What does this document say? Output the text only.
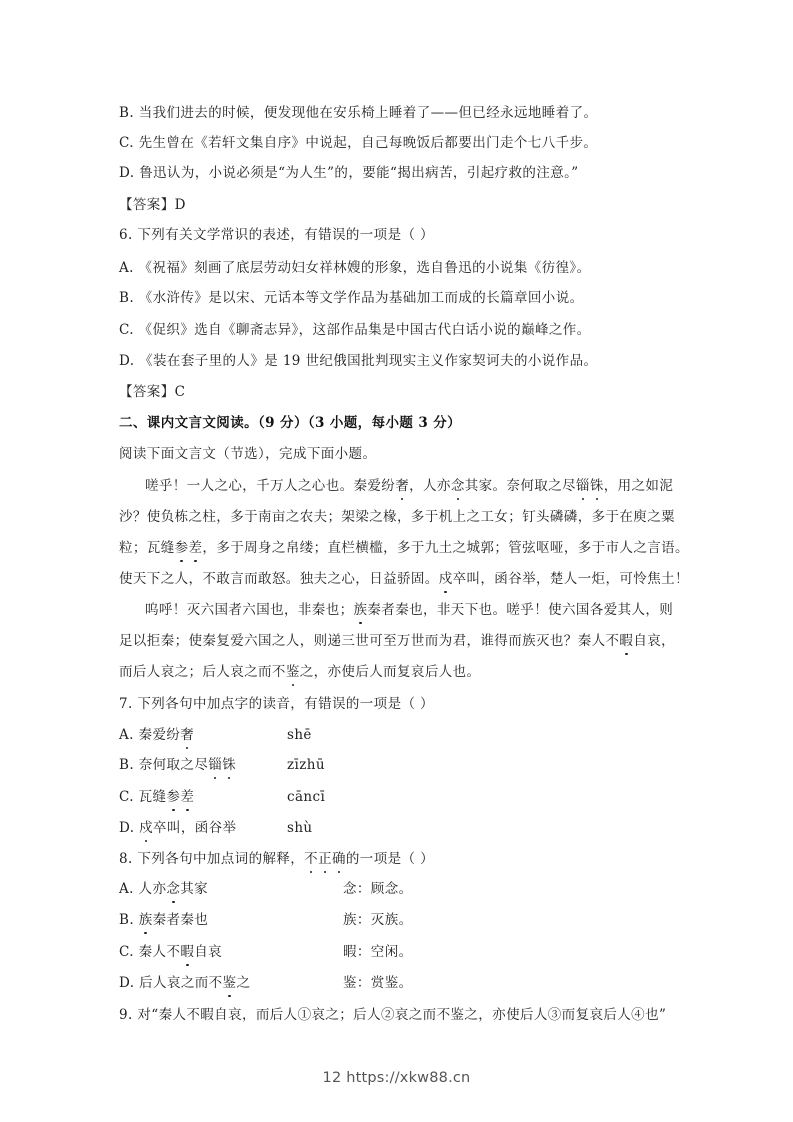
B. 当我们进去的时候，便发现他在安乐椅上睡着了——但已经永远地睡着了。
C. 先生曾在《若轩文集自序》中说起，自己每晚饭后都要出门走个七八千步。
D. 鲁迅认为，小说必须是“为人生”的，要能“揭出病苦，引起疗救的注意。”
【答案】D
6. 下列有关文学常识的表述，有错误的一项是（ ）
A. 《祝福》刻画了底层劳动妇女祥林嫂的形象，选自鲁迅的小说集《彷徨》。
B. 《水浒传》是以宋、元话本等文学作品为基础加工而成的长篇章回小说。
C. 《促织》选自《聊斋志异》，这部作品集是中国古代白话小说的巅峰之作。
D. 《装在套子里的人》是 19 世纪俄国批判现实主义作家契诃夫的小说作品。
【答案】C
二、课内文言文阅读。（9 分）（3 小题，每小题 3 分）
阅读下面文言文（节选），完成下面小题。
嗟乎！一人之心，千万人之心也。秦爱纷奢，人亦念其家。奈何取之尽锱铢，用之如泥
沙？使负栋之柱，多于南亩之农夫；架梁之椽，多于机上之工女；钉头磷磷，多于在庾之粟
粒；瓦缝参差，多于周身之帛缕；直栏横槛，多于九土之城郭；管弦呕哑，多于市人之言语。
使天下之人，不敢言而敢怒。独夫之心，日益骄固。戍卒叫，函谷举，楚人一炬，可怜焦土！
呜呼！灭六国者六国也，非秦也；族秦者秦也，非天下也。嗟乎！使六国各爱其人，则
足以拒秦；使秦复爱六国之人，则递三世可至万世而为君，谁得而族灭也？秦人不暇自哀，
而后人哀之；后人哀之而不鉴之，亦使后人而复哀后人也。
7. 下列各句中加点字的读音，有错误的一项是（ ）
A. 秦爱纷奢	shē
B. 奈何取之尽锱铢	zīzhū
C. 瓦缝参差	cāncī
D. 戍卒叫，函谷举	shù
8. 下列各句中加点词的解释，不正确的一项是（ ）
A. 人亦念其家	念：顾念。
B. 族秦者秦也	族：灭族。
C. 秦人不暇自哀	暇：空闲。
D. 后人哀之而不鉴之	鉴：赏鉴。
9. 对“秦人不暇自哀，而后人①哀之；后人②哀之而不鉴之，亦使后人③而复哀后人④也”
12 https://xkw88.cn
